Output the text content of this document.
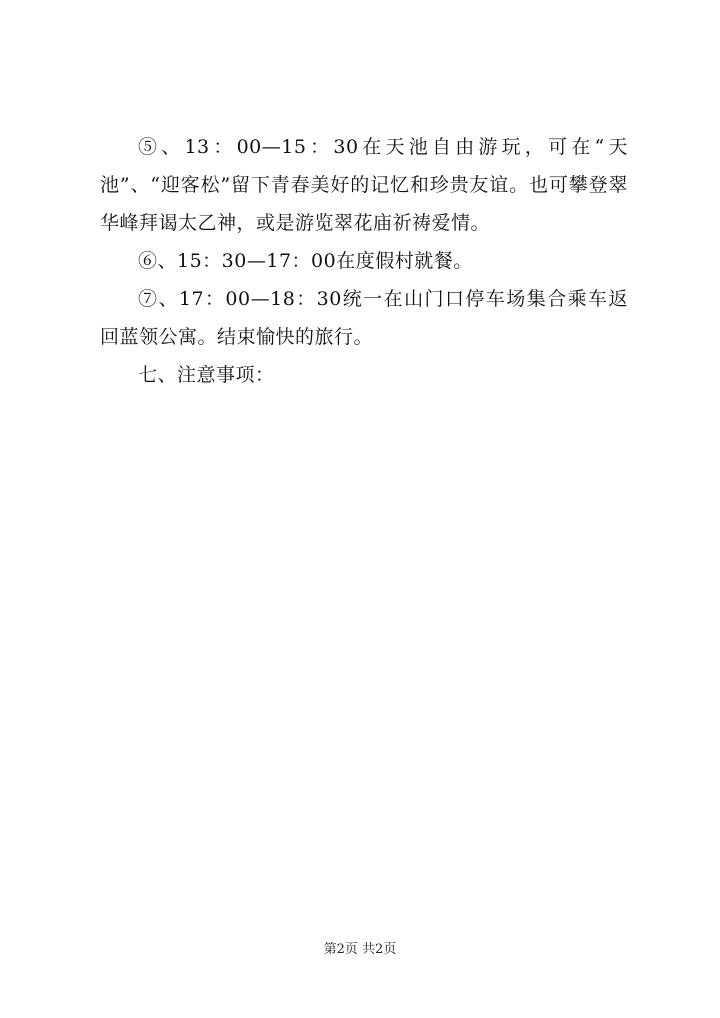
⑤、13：00—15：30在天池自由游玩，可在“天池”、“迎客松”留下青春美好的记忆和珍贵友谊。也可攀登翠华峰拜谒太乙神，或是游览翠花庙祈祷爱情。

⑥、15：30—17：00在度假村就餐。

⑦、17：00—18：30统一在山门口停车场集合乘车返回蓝领公寓。结束愉快的旅行。

七、注意事项：

第2页 共2页
